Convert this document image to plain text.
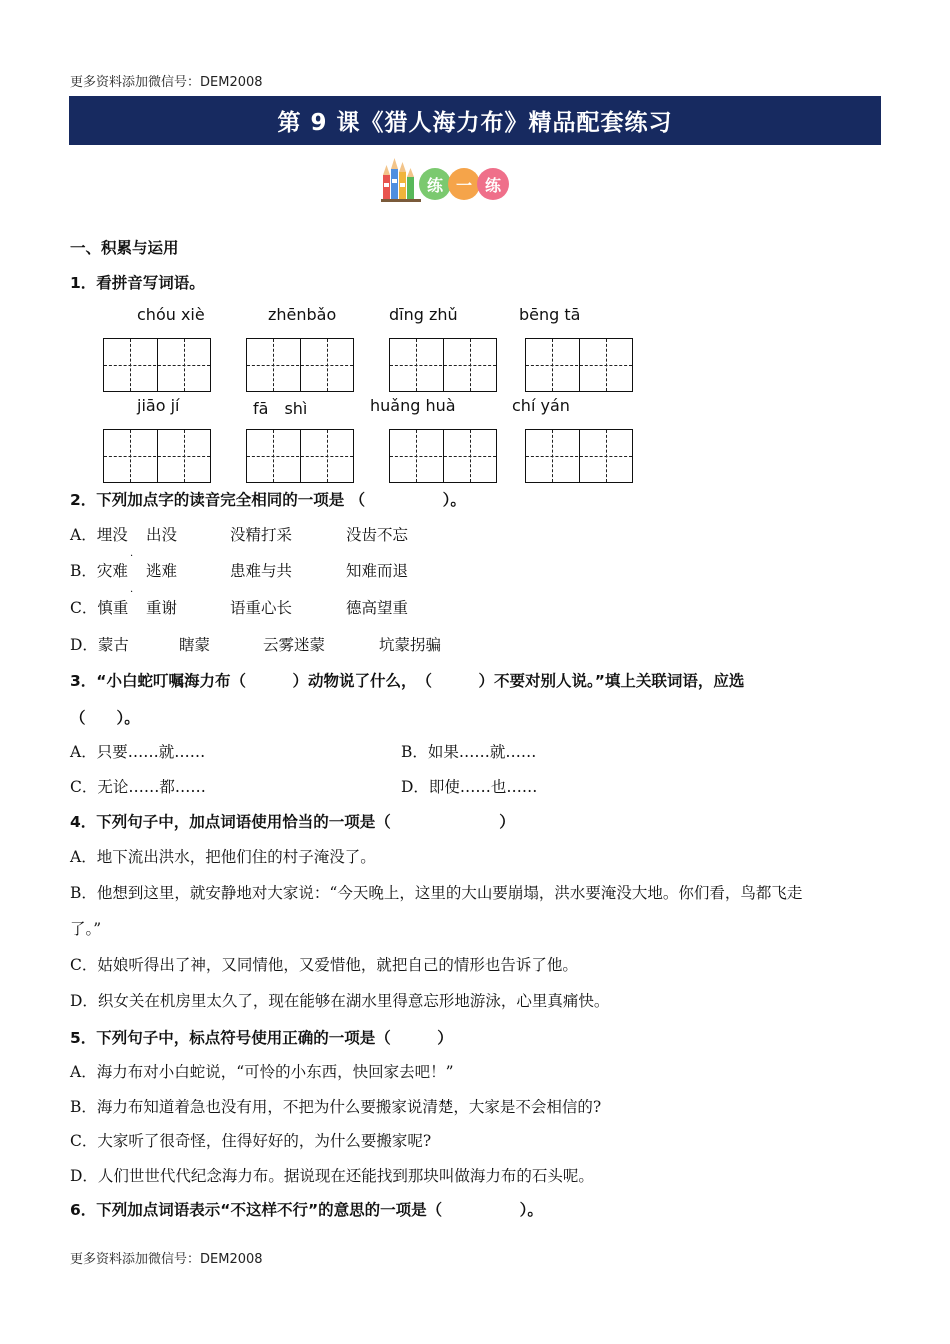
更多资料添加微信号：DEM2008
第 9 课《猎人海力布》精品配套练习
练 一 练
一、积累与运用
1．看拼音写词语。
chóu xiè	zhēnbǎo	dīng zhǔ	bēng tā
jiāo jí	fā　shì	huǎng huà	chí yán
2．下列加点字的读音完全相同的一项是 （　　　　　）。
A．埋没 出没	没精打采	没齿不忘
B．灾难 逃难	患难与共	知难而退
·
C．慎重 重谢	语重心长	德高望重
·
D．蒙古	瞎蒙	云雾迷蒙	坑蒙拐骗
3．“小白蛇叮嘱海力布（　　　）动物说了什么，　（　　　）不要对别人说。”填上关联词语，应选
（　　）。
A．只要……就……	B．如果……就……
C．无论……都……	D．即使……也……
4．下列句子中，加点词语使用恰当的一项是（　　　　　　　）
A．地下流出洪水，把他们住的村子淹没了。
B．他想到这里，就安静地对大家说：“今天晚上，这里的大山要崩塌，洪水要淹没大地。你们看，鸟都飞走
了。”
C．姑娘听得出了神，又同情他，又爱惜他，就把自己的情形也告诉了他。
D．织女关在机房里太久了，现在能够在湖水里得意忘形地游泳，心里真痛快。
5．下列句子中，标点符号使用正确的一项是（　　　）
A．海力布对小白蛇说，“可怜的小东西，快回家去吧！”
B．海力布知道着急也没有用，不把为什么要搬家说清楚，大家是不会相信的?
C．大家听了很奇怪，住得好好的，为什么要搬家呢?
D．人们世世代代纪念海力布。据说现在还能找到那块叫做海力布的石头呢。
6．下列加点词语表示“不这样不行”的意思的一项是（　　　　　）。
更多资料添加微信号：DEM2008
